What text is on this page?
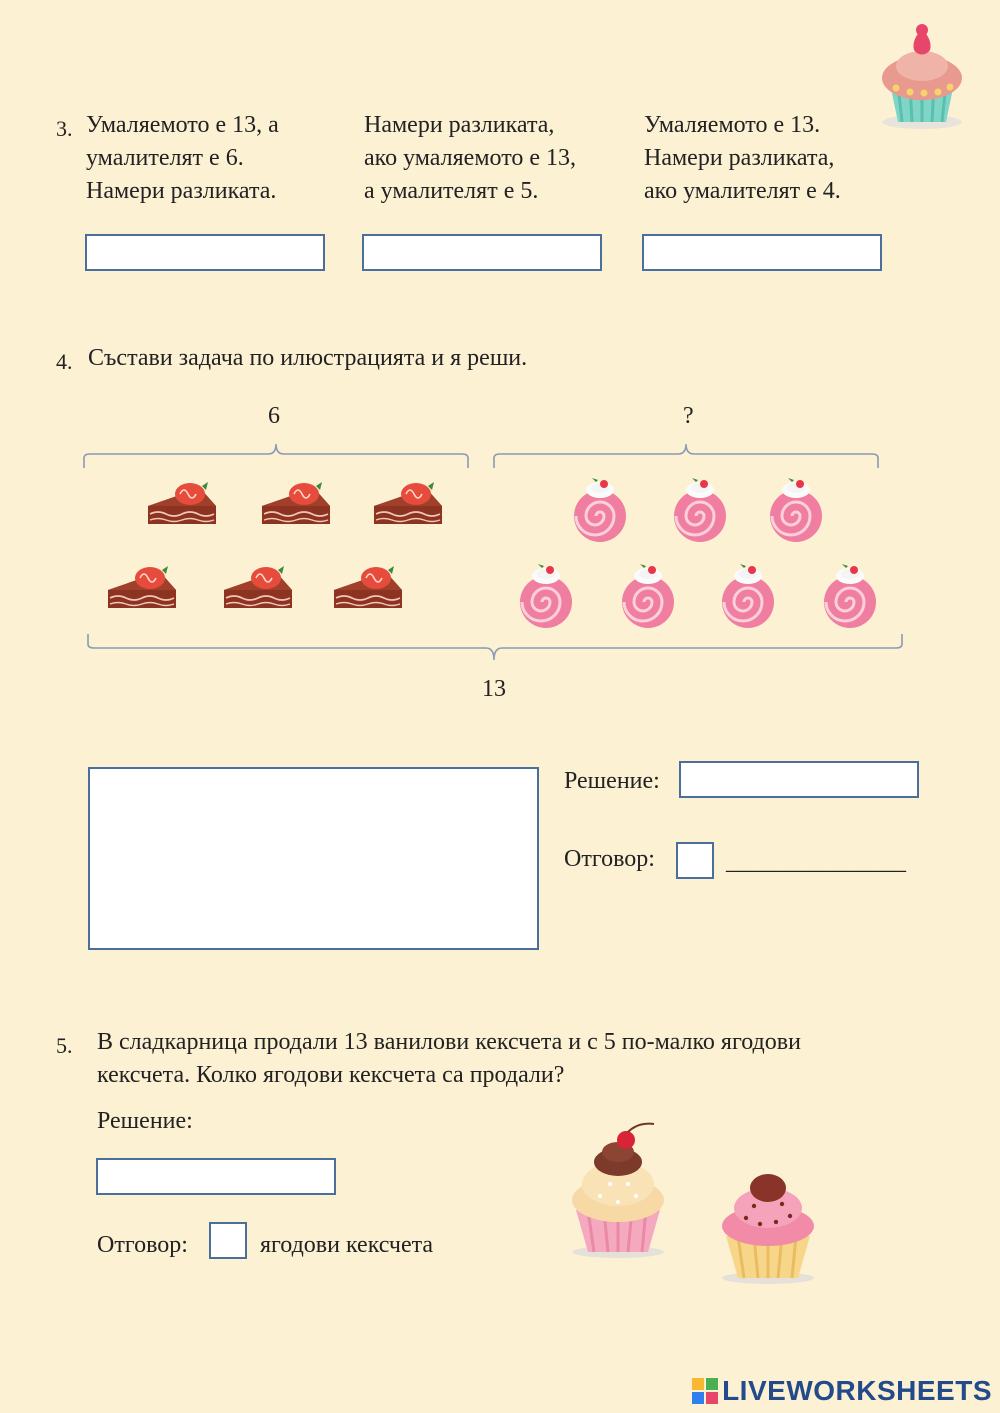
3. Умаляемото е 13, а
умалителят е 6.
Намери разликата.
Намери разликата,
ако умаляемото е 13,
а умалителят е 5.
Умаляемото е 13.
Намери разликата,
ако умалителят е 4.
4. Състави задача по илюстрацията и я реши.
6	?
13
Решение:
Отговор:	_______________
5. В сладкарница продали 13 ванилови кексчета и с 5 по-малко ягодови
кексчета. Колко ягодови кексчета са продали?
Решение:
Отговор:	ягодови кексчета
LIVEWORKSHEETS
